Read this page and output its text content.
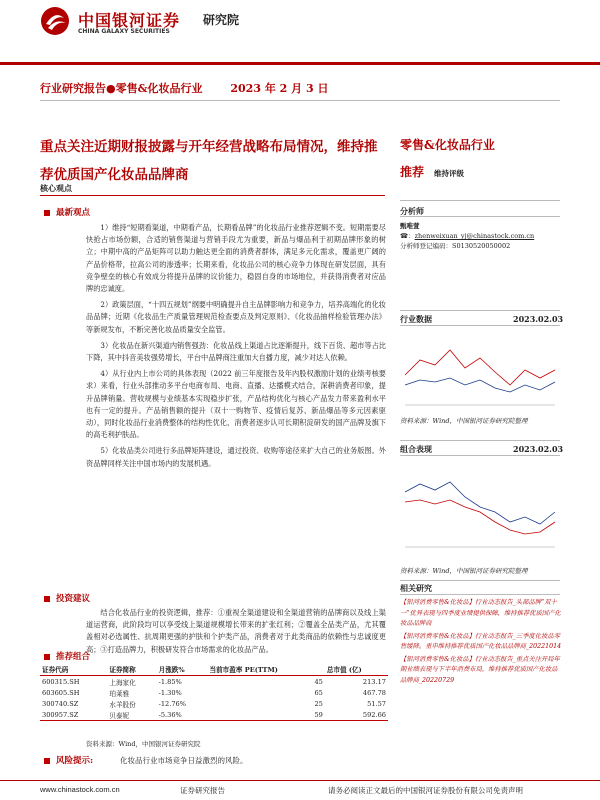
中国银河证券
CHINA GALAXY SECURITIES
研究院
行业研究报告●零售&化妆品行业	2023 年 2 月 3 日
重点关注近期财报披露与开年经营战略布局情况，维持推荐优质国产化妆品品牌商
核心观点
最新观点

1）维持“短期看渠道，中期看产品，长期看品牌”的化妆品行业推荐逻辑不变。短期需要尽快抢占市场份额，合适的销售渠道与营销手段尤为重要，新品与爆品利于初期品牌形象的树立；中期中高的产品矩阵可以助力触达更全面的消费者群体，满足多元化需求，覆盖更广阔的产品价格带，拉高公司的渗透率；长期来看，化妆品公司的核心竞争力体现在研发层面，具有竞争壁垒的核心有效成分将提升品牌的议价能力，稳固自身的市场地位，并获得消费者对应品牌的忠诚度。

2）政策层面，“十四五规划”纲要中明确提升自主品牌影响力和竞争力，培养高端化的化妆品品牌；近期《化妆品生产质量管理规范检查要点及判定原则》、《化妆品抽样检验管理办法》等新规发布，不断完善化妆品质量安全监管。

3）化妆品在新兴渠道内销售强劲：化妆品线上渠道占比逐渐提升，线下百货、超市等占比下降，其中抖音美妆强势增长，平台中品牌商注重加大自播力度，减少对达人依赖。

4）从行业内上市公司的具体表现（2022 前三年度报告及年内股权激励计划的业绩考核要求）来看，行业头部推动多平台电商布局、电商、直播、达播模式结合，深耕消费者印象，提升品牌销量。营收规模与业绩基本实现稳步扩张，产品结构优化与核心产品发力带来盈利水平也有一定的提升。产品销售额的提升（双十一购物节、疫情后复苏、新品爆品等多元因素驱动），同时化妆品行业消费整体的结构性优化，消费者逐步认可长期积淀研发的国产品牌及旗下的高毛利护肤品。

5）化妆品类公司进行多品牌矩阵建设，通过投资、收购等途径来扩大自己的业务版图。外资品牌同样关注中国市场内的发展机遇。

投资建议

结合化妆品行业的投资逻辑，推荐：①重视全渠道建设和全渠道营销的品牌商以及线上渠道运营商，此阶段均可以享受线上渠道规模增长带来的扩张红利；②覆盖全品类产品，尤其覆盖相对必选属性、抗周期更强的护肤和个护类产品，消费者对于此类商品的依赖性与忠诚度更高；③打造品牌力，积极研发符合市场需求的化妆品产品。

推荐组合
证券代码	证券简称	月涨跌%	当前市盈率 PE(TTM)	总市值 (亿)
600315.SH	上海家化	-1.85%	45	213.17
603605.SH	珀莱雅	-1.30%	65	467.78
300740.SZ	水羊股份	-12.76%	25	51.57
300957.SZ	贝泰妮	-5.36%	59	592.66
资料来源：Wind，中国银河证券研究院
风险提示:	化妆品行业市场竞争日益激烈的风险。
零售&化妆品行业
推荐 维持评级
分析师
甄唯萱
☎：zhenweixuan_yj@chinastock.com.cn
分析师登记编码：S0130520050002
行业数据	2023.02.03
资料来源：Wind，中国银河证券研究院整理
组合表现	2023.02.03
资料来源：Wind，中国银河证券研究院整理
相关研究

【银河消费零售&化妆品】行业动态报告_头部品牌“双十一”优异表现与四季度业绩提供保障，维持推荐优质国产化妆品品牌商

【银河消费零售&化妆品】行业动态报告_三季度化妆品零售缓降。重申维持推荐优质国产化妆品品牌商_20221014

【银河消费零售&化妆品】行业动态报告_重点关注开局年期业绩表现与下半年消费布局，维持推荐优质国产化妆品品牌商_20220729

www.chinastock.com.cn	证券研究报告	请务必阅读正文最后的中国银河证券股份有限公司免责声明
